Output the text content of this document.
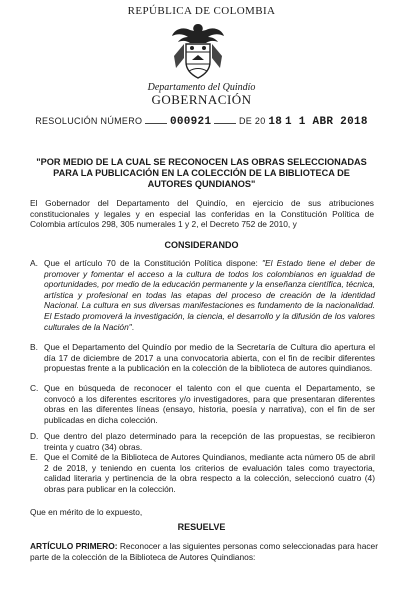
REPÚBLICA DE COLOMBIA
Departamento del Quindío
GOBERNACIÓN
RESOLUCIÓN NÚMERO	000921	DE 20 18 1 1 ABR 2018
"POR MEDIO DE LA CUAL SE RECONOCEN LAS OBRAS SELECCIONADAS PARA LA PUBLICACIÓN EN LA COLECCIÓN DE LA BIBLIOTECA DE AUTORES QUNDIANOS"
El Gobernador del Departamento del Quindío, en ejercicio de sus atribuciones constitucionales y legales y en especial las conferidas en la Constitución Política de Colombia artículos 298, 305 numerales 1 y 2, el Decreto 752 de 2010, y
CONSIDERANDO
A. Que el artículo 70 de la Constitución Política dispone: "El Estado tiene el deber de promover y fomentar el acceso a la cultura de todos los colombianos en igualdad de oportunidades, por medio de la educación permanente y la enseñanza científica, técnica, artística y profesional en todas las etapas del proceso de creación de la identidad Nacional. La cultura en sus diversas manifestaciones es fundamento de la nacionalidad. El Estado promoverá la investigación, la ciencia, el desarrollo y la difusión de los valores culturales de la Nación".
B. Que el Departamento del Quindío por medio de la Secretaría de Cultura dio apertura el día 17 de diciembre de 2017 a una convocatoria abierta, con el fin de recibir diferentes propuestas frente a la publicación en la colección de la biblioteca de autores quindianos.
C. Que en búsqueda de reconocer el talento con el que cuenta el Departamento, se convocó a los diferentes escritores y/o investigadores, para que presentaran diferentes obras en las diferentes líneas (ensayo, historia, poesía y narrativa), con el fin de ser publicadas en dicha colección.
D. Que dentro del plazo determinado para la recepción de las propuestas, se recibieron treinta y cuatro (34) obras.
E. Que el Comité de la Biblioteca de Autores Quindianos, mediante acta número 05 de abril 2 de 2018, y teniendo en cuenta los criterios de evaluación tales como trayectoria, calidad literaria y pertinencia de la obra respecto a la colección, seleccionó cuatro (4) obras para publicar en la colección.
Que en mérito de lo expuesto,
RESUELVE
ARTÍCULO PRIMERO: Reconocer a las siguientes personas como seleccionadas para hacer parte de la colección de la Biblioteca de Autores Quindianos:
